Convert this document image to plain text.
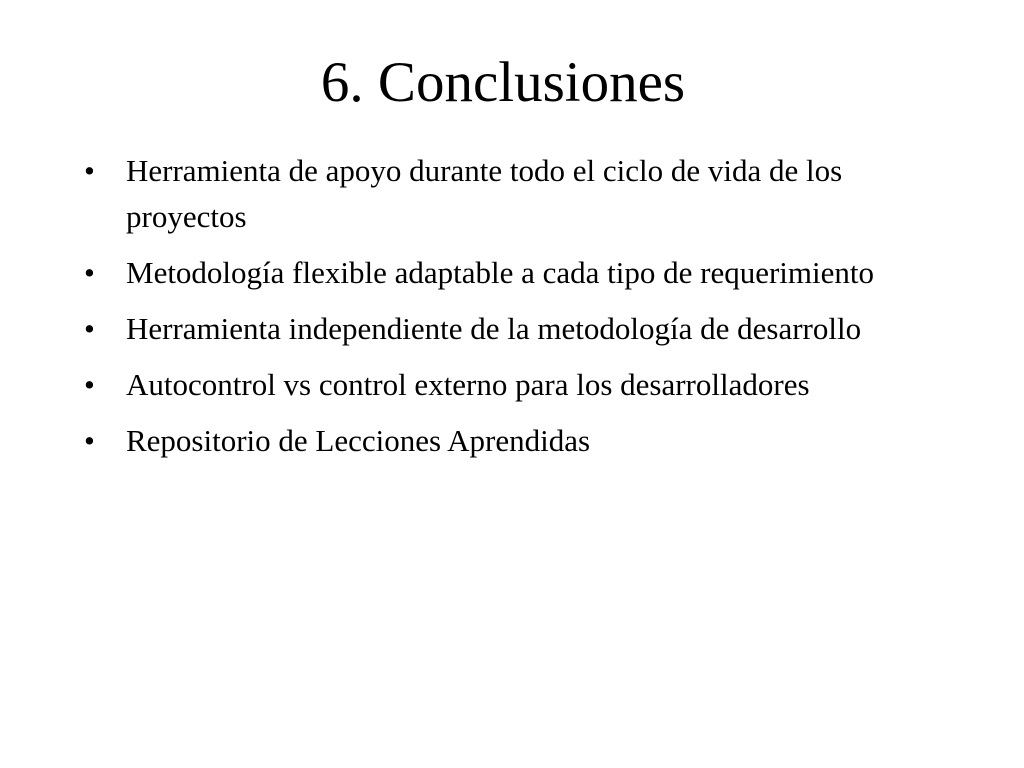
6. Conclusiones
•	Herramienta de apoyo durante todo el ciclo de vida de los proyectos
•	Metodología flexible adaptable a cada tipo de requerimiento
•	Herramienta independiente de la metodología de desarrollo
•	Autocontrol vs control externo para los desarrolladores
•	Repositorio de Lecciones Aprendidas
